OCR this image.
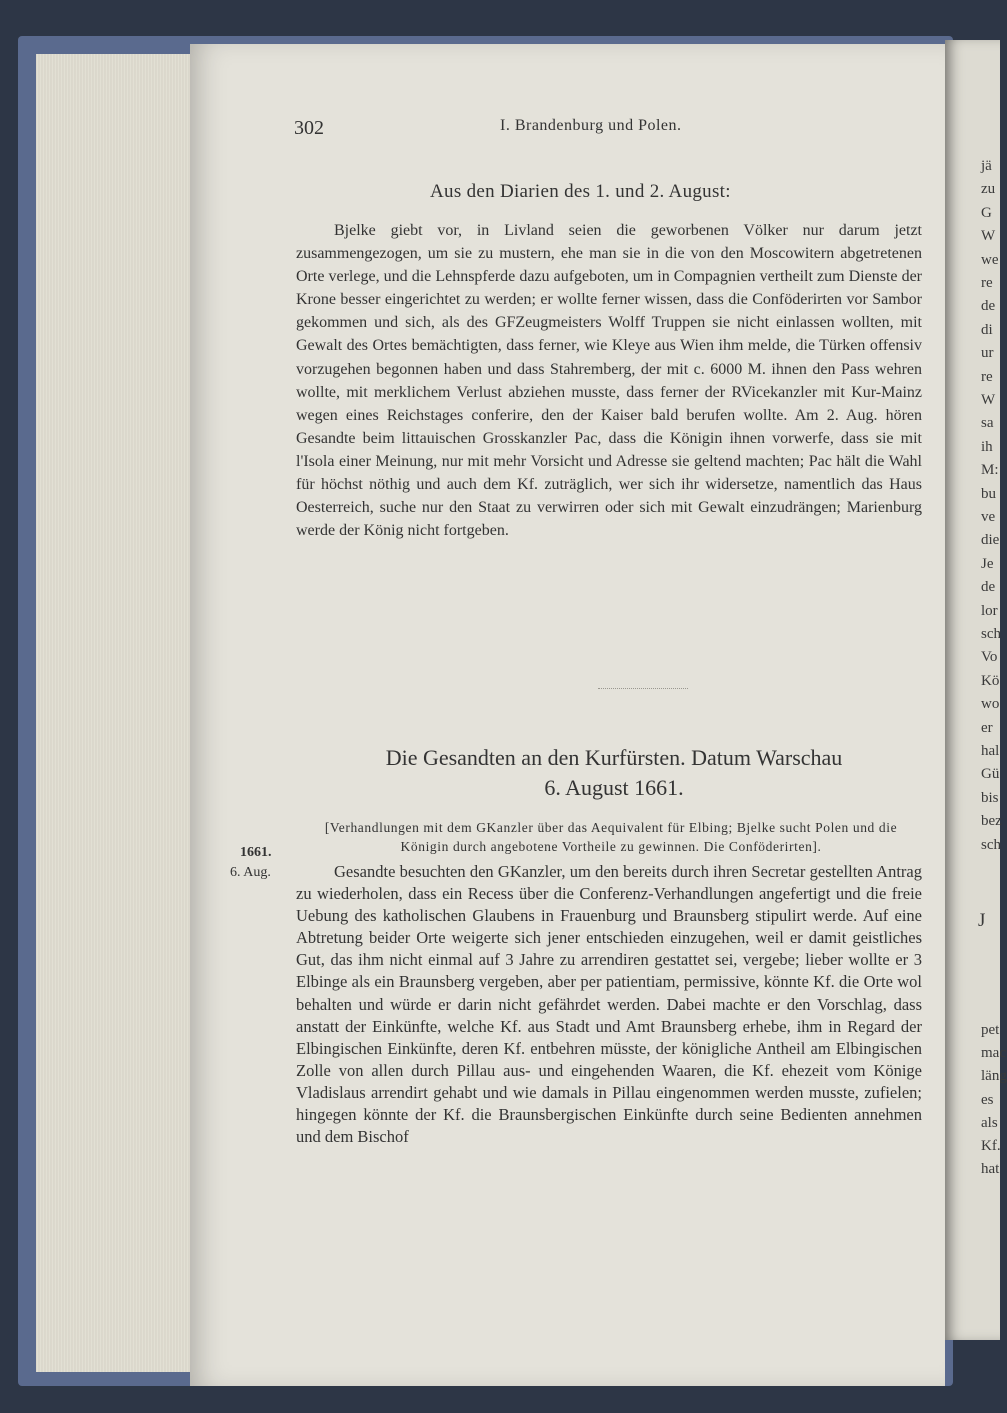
jä
zu
G
W
we
re
de
di
ur
re
W
sa
ih
M:
bu
ve
die
Je
de
lor
sch
Vo
Kö
wo
er
hal
Gü
bis
bez
sch
J
pet
mac
läng
es
als
Kf.
hat
302	I. Brandenburg und Polen.
Aus den Diarien des 1. und 2. August:

Bjelke giebt vor, in Livland seien die geworbenen Völker nur darum jetzt zusammengezogen, um sie zu mustern, ehe man sie in die von den Moscowitern abgetretenen Orte verlege, und die Lehnspferde dazu aufgeboten, um in Compagnien vertheilt zum Dienste der Krone besser eingerichtet zu werden; er wollte ferner wissen, dass die Conföderirten vor Sambor gekommen und sich, als des GFZeugmeisters Wolff Truppen sie nicht einlassen wollten, mit Gewalt des Ortes bemächtigten, dass ferner, wie Kleye aus Wien ihm melde, die Türken offensiv vorzugehen begonnen haben und dass Stahremberg, der mit c. 6000 M. ihnen den Pass wehren wollte, mit merklichem Verlust abziehen musste, dass ferner der RVicekanzler mit Kur-Mainz wegen eines Reichstages conferire, den der Kaiser bald berufen wollte. Am 2. Aug. hören Gesandte beim littauischen Grosskanzler Pac, dass die Königin ihnen vorwerfe, dass sie mit l'Isola einer Meinung, nur mit mehr Vorsicht und Adresse sie geltend machten; Pac hält die Wahl für höchst nöthig und auch dem Kf. zuträglich, wer sich ihr widersetze, namentlich das Haus Oesterreich, suche nur den Staat zu verwirren oder sich mit Gewalt einzudrängen; Marienburg werde der König nicht fortgeben.

Die Gesandten an den Kurfürsten. Datum Warschau
6. August 1661.
[Verhandlungen mit dem GKanzler über das Aequivalent für Elbing; Bjelke sucht Polen und die Königin durch angebotene Vortheile zu gewinnen. Die Conföderirten].
1661.
6. Aug.	Gesandte besuchten den GKanzler, um den bereits durch ihren Secretar gestellten Antrag zu wiederholen, dass ein Recess über die Conferenz-Verhandlungen angefertigt und die freie Uebung des katholischen Glaubens in Frauenburg und Braunsberg stipulirt werde. Auf eine Abtretung beider Orte weigerte sich jener entschieden einzugehen, weil er damit geistliches Gut, das ihm nicht einmal auf 3 Jahre zu arrendiren gestattet sei, vergebe; lieber wollte er 3 Elbinge als ein Braunsberg vergeben, aber per patientiam, permissive, könnte Kf. die Orte wol behalten und würde er darin nicht gefährdet werden. Dabei machte er den Vorschlag, dass anstatt der Einkünfte, welche Kf. aus Stadt und Amt Braunsberg erhebe, ihm in Regard der Elbingischen Einkünfte, deren Kf. entbehren müsste, der königliche Antheil am Elbingischen Zolle von allen durch Pillau aus- und eingehenden Waaren, die Kf. ehezeit vom Könige Vladislaus arrendirt gehabt und wie damals in Pillau eingenommen werden musste, zufielen; hingegen könnte der Kf. die Braunsbergischen Einkünfte durch seine Bedienten annehmen und dem Bischof
